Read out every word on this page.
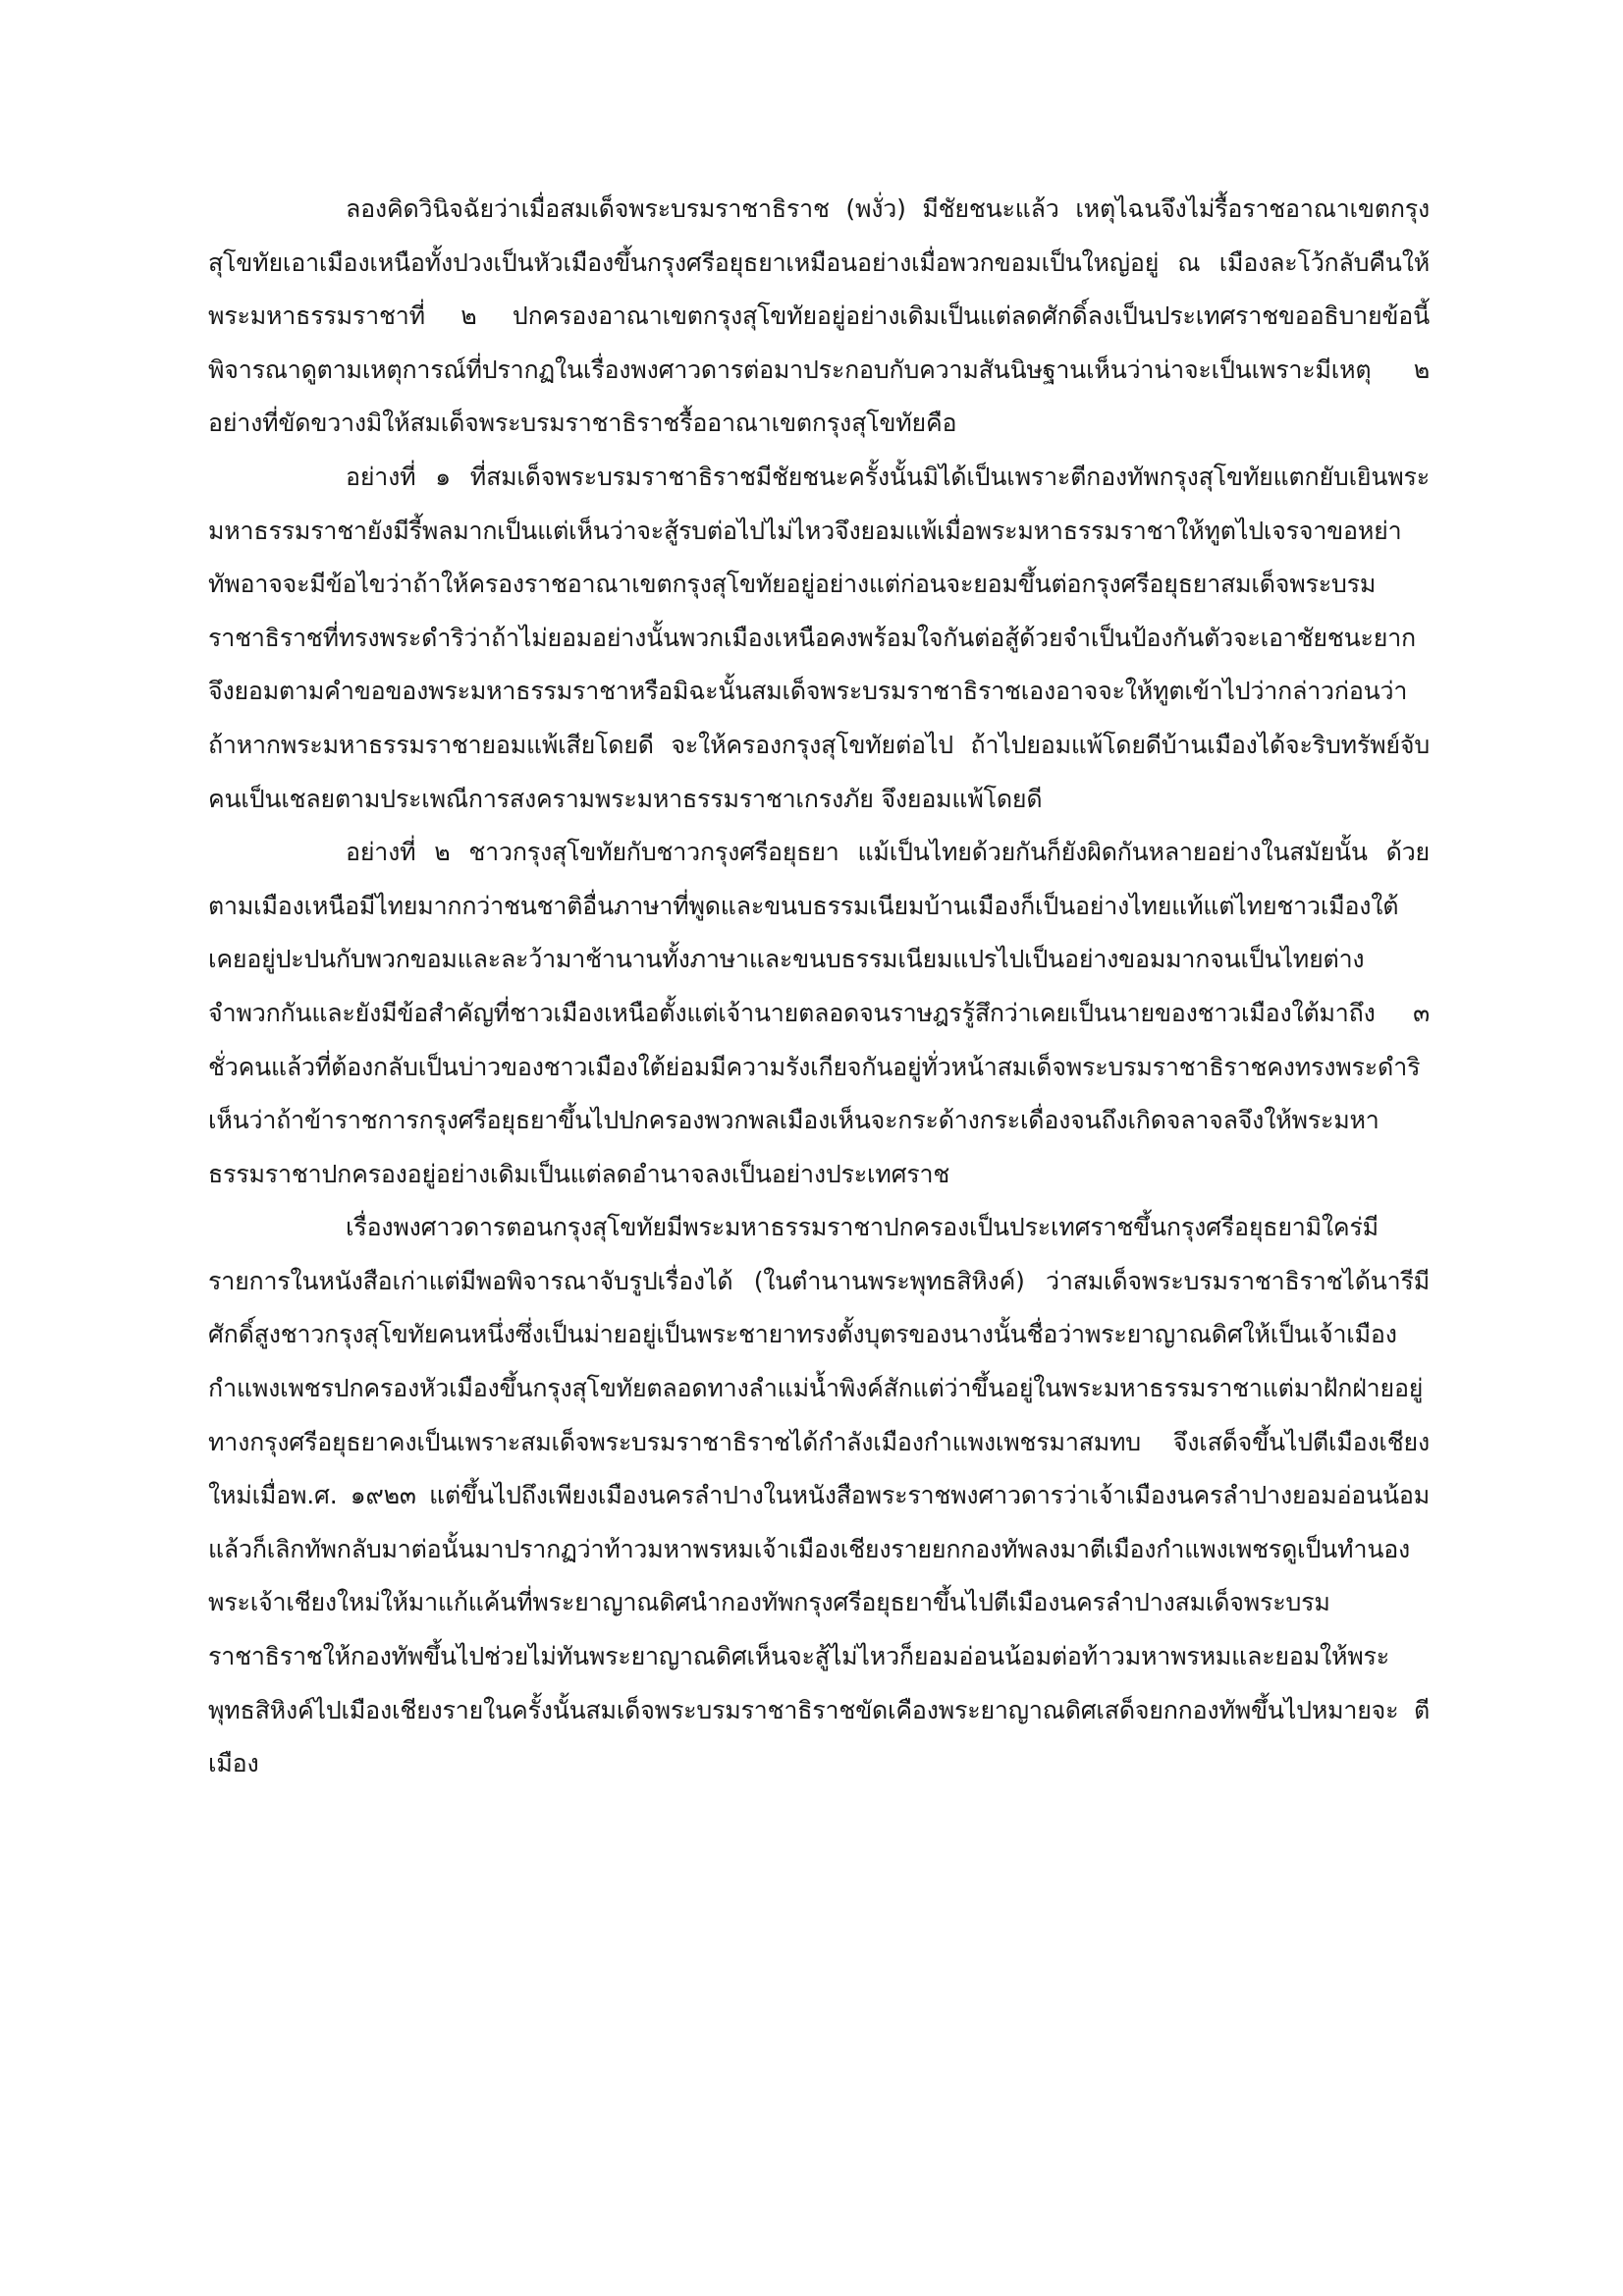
ลองคิดวินิจฉัยว่าเมื่อสมเด็จพระบรมราชาธิราช (พงั่ว) มีชัยชนะแล้ว เหตุไฉนจึงไม่รื้อราชอาณาเขตกรุงสุโขทัยเอาเมืองเหนือทั้งปวงเป็นหัวเมืองขึ้นกรุงศรีอยุธยาเหมือนอย่างเมื่อพวกขอมเป็นใหญ่อยู่ ณ เมืองละโว้กลับคืนให้พระมหาธรรมราชาที่ ๒ ปกครองอาณาเขตกรุงสุโขทัยอยู่อย่างเดิมเป็นแต่ลดศักดิ์ลงเป็นประเทศราชขออธิบายข้อนี้พิจารณาดูตามเหตุการณ์ที่ปรากฏในเรื่องพงศาวดารต่อมาประกอบกับความสันนิษฐานเห็นว่าน่าจะเป็นเพราะมีเหตุ ๒ อย่างที่ขัดขวางมิให้สมเด็จพระบรมราชาธิราชรื้ออาณาเขตกรุงสุโขทัยคือ

อย่างที่ ๑ ที่สมเด็จพระบรมราชาธิราชมีชัยชนะครั้งนั้นมิได้เป็นเพราะตีกองทัพกรุงสุโขทัยแตกยับเยินพระมหาธรรมราชายังมีรี้พลมากเป็นแต่เห็นว่าจะสู้รบต่อไปไม่ไหวจึงยอมแพ้เมื่อพระมหาธรรมราชาให้ทูตไปเจรจาขอหย่าทัพอาจจะมีข้อไขว่าถ้าให้ครองราชอาณาเขตกรุงสุโขทัยอยู่อย่างแต่ก่อนจะยอมขึ้นต่อกรุงศรีอยุธยาสมเด็จพระบรมราชาธิราชที่ทรงพระดำริว่าถ้าไม่ยอมอย่างนั้นพวกเมืองเหนือคงพร้อมใจกันต่อสู้ด้วยจำเป็นป้องกันตัวจะเอาชัยชนะยากจึงยอมตามคำขอของพระมหาธรรมราชาหรือมิฉะนั้นสมเด็จพระบรมราชาธิราชเองอาจจะให้ทูตเข้าไปว่ากล่าวก่อนว่าถ้าหากพระมหาธรรมราชายอมแพ้เสียโดยดี จะให้ครองกรุงสุโขทัยต่อไป ถ้าไปยอมแพ้โดยดีบ้านเมืองได้จะริบทรัพย์จับคนเป็นเชลยตามประเพณีการสงครามพระมหาธรรมราชาเกรงภัย จึงยอมแพ้โดยดี

อย่างที่ ๒ ชาวกรุงสุโขทัยกับชาวกรุงศรีอยุธยา แม้เป็นไทยด้วยกันก็ยังผิดกันหลายอย่างในสมัยนั้น ด้วยตามเมืองเหนือมีไทยมากกว่าชนชาติอื่นภาษาที่พูดและขนบธรรมเนียมบ้านเมืองก็เป็นอย่างไทยแท้แต่ไทยชาวเมืองใต้เคยอยู่ปะปนกับพวกขอมและละว้ามาช้านานทั้งภาษาและขนบธรรมเนียมแปรไปเป็นอย่างขอมมากจนเป็นไทยต่างจำพวกกันและยังมีข้อสำคัญที่ชาวเมืองเหนือตั้งแต่เจ้านายตลอดจนราษฎรรู้สึกว่าเคยเป็นนายของชาวเมืองใต้มาถึง ๓ ชั่วคนแล้วที่ต้องกลับเป็นบ่าวของชาวเมืองใต้ย่อมมีความรังเกียจกันอยู่ทั่วหน้าสมเด็จพระบรมราชาธิราชคงทรงพระดำริเห็นว่าถ้าข้าราชการกรุงศรีอยุธยาขึ้นไปปกครองพวกพลเมืองเห็นจะกระด้างกระเดื่องจนถึงเกิดจลาจลจึงให้พระมหาธรรมราชาปกครองอยู่อย่างเดิมเป็นแต่ลดอำนาจลงเป็นอย่างประเทศราช

เรื่องพงศาวดารตอนกรุงสุโขทัยมีพระมหาธรรมราชาปกครองเป็นประเทศราชขึ้นกรุงศรีอยุธยามิใคร่มีรายการในหนังสือเก่าแต่มีพอพิจารณาจับรูปเรื่องได้ (ในตำนานพระพุทธสิหิงค์) ว่าสมเด็จพระบรมราชาธิราชได้นารีมีศักดิ์สูงชาวกรุงสุโขทัยคนหนึ่งซึ่งเป็นม่ายอยู่เป็นพระชายาทรงตั้งบุตรของนางนั้นชื่อว่าพระยาญาณดิศให้เป็นเจ้าเมืองกำแพงเพชรปกครองหัวเมืองขึ้นกรุงสุโขทัยตลอดทางลำแม่น้ำพิงค์สักแต่ว่าขึ้นอยู่ในพระมหาธรรมราชาแต่มาฝักฝ่ายอยู่ทางกรุงศรีอยุธยาคงเป็นเพราะสมเด็จพระบรมราชาธิราชได้กำลังเมืองกำแพงเพชรมาสมทบ จึงเสด็จขึ้นไปตีเมืองเชียงใหม่เมื่อพ.ศ. ๑๙๒๓ แต่ขึ้นไปถึงเพียงเมืองนครลำปางในหนังสือพระราชพงศาวดารว่าเจ้าเมืองนครลำปางยอมอ่อนน้อมแล้วก็เลิกทัพกลับมาต่อนั้นมาปรากฏว่าท้าวมหาพรหมเจ้าเมืองเชียงรายยกกองทัพลงมาตีเมืองกำแพงเพชรดูเป็นทำนองพระเจ้าเชียงใหม่ให้มาแก้แค้นที่พระยาญาณดิศนำกองทัพกรุงศรีอยุธยาขึ้นไปตีเมืองนครลำปางสมเด็จพระบรมราชาธิราชให้กองทัพขึ้นไปช่วยไม่ทันพระยาญาณดิศเห็นจะสู้ไม่ไหวก็ยอมอ่อนน้อมต่อท้าวมหาพรหมและยอมให้พระพุทธสิหิงค์ไปเมืองเชียงรายในครั้งนั้นสมเด็จพระบรมราชาธิราชขัดเคืองพระยาญาณดิศเสด็จยกกองทัพขึ้นไปหมายจะ ตีเมือง
